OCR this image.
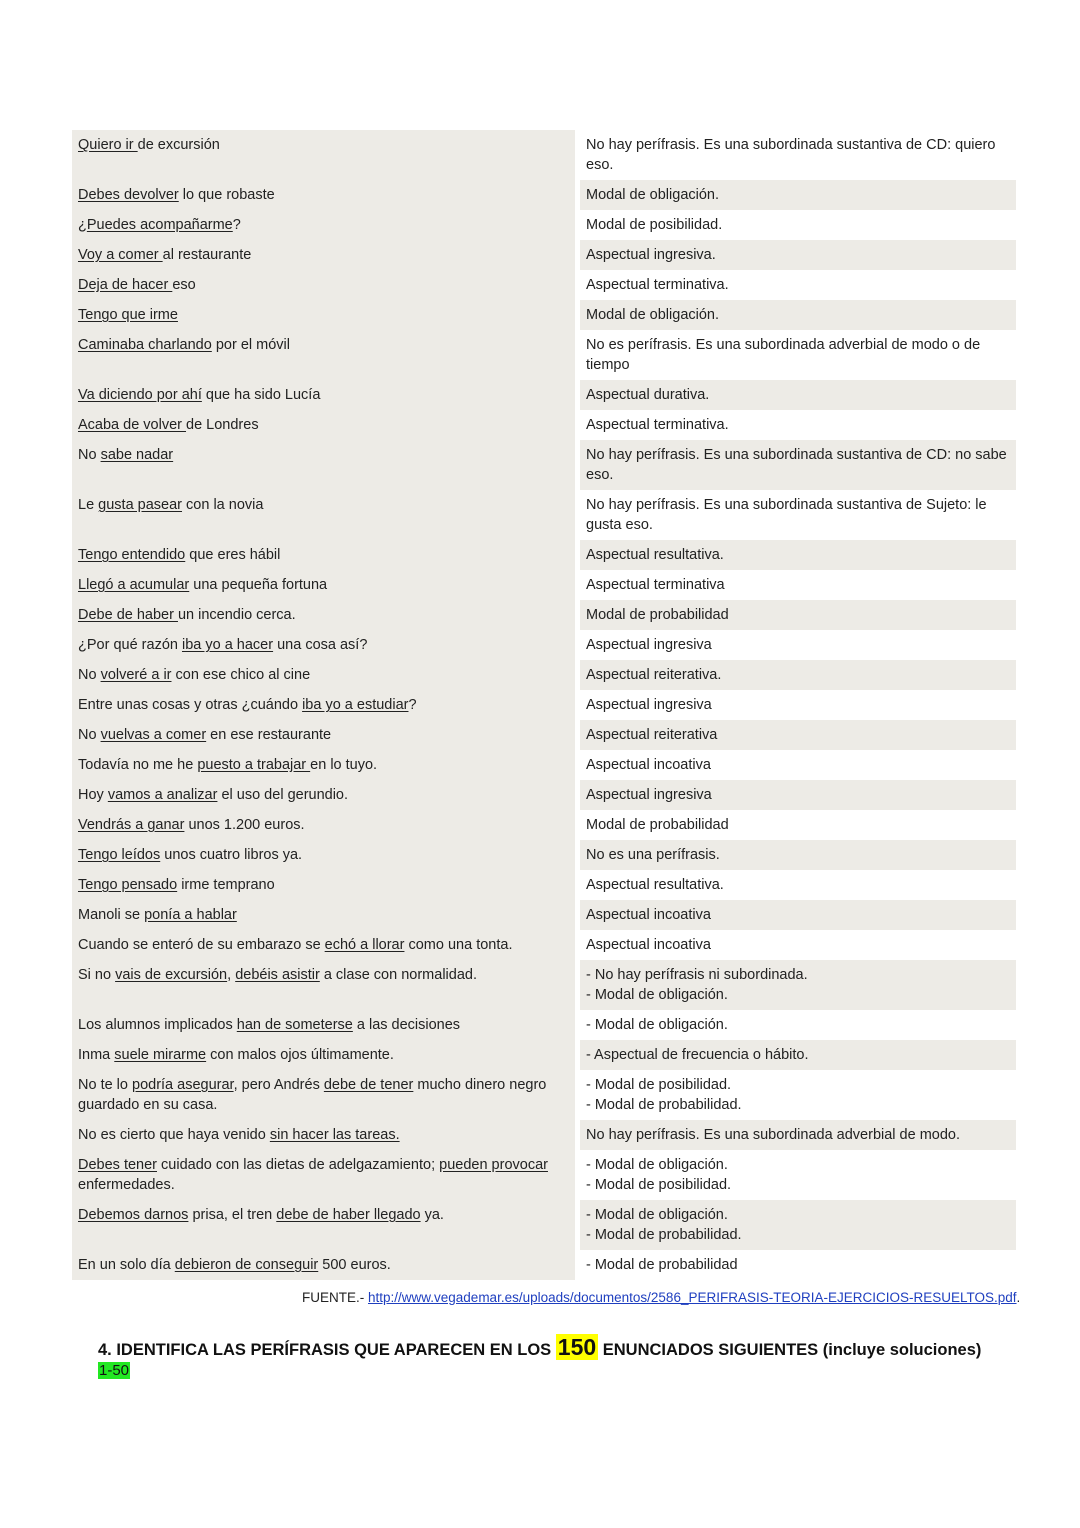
Quiero ir de excursión	No hay perífrasis. Es una subordinada sustantiva de CD: quiero eso.
Debes devolver lo que robaste	Modal de obligación.
¿Puedes acompañarme?	Modal de posibilidad.
Voy a comer al restaurante	Aspectual ingresiva.
Deja de hacer eso	Aspectual terminativa.
Tengo que irme	Modal de obligación.
Caminaba charlando por el móvil	No es perífrasis. Es una subordinada adverbial de modo o de tiempo
Va diciendo por ahí que ha sido Lucía	Aspectual durativa.
Acaba de volver de Londres	Aspectual terminativa.
No sabe nadar	No hay perífrasis. Es una subordinada sustantiva de CD: no sabe eso.
Le gusta pasear con la novia	No hay perífrasis. Es una subordinada sustantiva de Sujeto: le gusta eso.
Tengo entendido que eres hábil	Aspectual resultativa.
Llegó a acumular una pequeña fortuna	Aspectual terminativa
Debe de haber un incendio cerca.	Modal de probabilidad
¿Por qué razón iba yo a hacer una cosa así?	Aspectual ingresiva
No volveré a ir con ese chico al cine	Aspectual reiterativa.
Entre unas cosas y otras ¿cuándo iba yo a estudiar?	Aspectual ingresiva
No vuelvas a comer en ese restaurante	Aspectual reiterativa
Todavía no me he puesto a trabajar en lo tuyo.	Aspectual incoativa
Hoy vamos a analizar el uso del gerundio.	Aspectual ingresiva
Vendrás a ganar unos 1.200 euros.	Modal de probabilidad
Tengo leídos unos cuatro libros ya.	No es una perífrasis.
Tengo pensado irme temprano	Aspectual resultativa.
Manoli se ponía a hablar	Aspectual incoativa
Cuando se enteró de su embarazo se echó a llorar como una tonta.	Aspectual incoativa
Si no vais de excursión, debéis asistir a clase con normalidad.	- No hay perífrasis ni subordinada.
- Modal de obligación.

Los alumnos implicados han de someterse a las decisiones	- Modal de obligación.
Inma suele mirarme con malos ojos últimamente.	- Aspectual de frecuencia o hábito.
No te lo podría asegurar, pero Andrés debe de tener mucho dinero negro guardado en su casa.	- Modal de posibilidad.
- Modal de probabilidad.

No es cierto que haya venido sin hacer las tareas.	No hay perífrasis. Es una subordinada adverbial de modo.
Debes tener cuidado con las dietas de adelgazamiento; pueden provocar enfermedades.	- Modal de obligación.
- Modal de posibilidad.

Debemos darnos prisa, el tren debe de haber llegado ya.	- Modal de obligación.
- Modal de probabilidad.

En un solo día debieron de conseguir 500 euros.	- Modal de probabilidad
FUENTE.- http://www.vegademar.es/uploads/documentos/2586_PERIFRASIS-TEORIA-EJERCICIOS-RESUELTOS.pdf.
4. IDENTIFICA LAS PERÍFRASIS QUE APARECEN EN LOS 150 ENUNCIADOS SIGUIENTES (incluye soluciones)
1-50
